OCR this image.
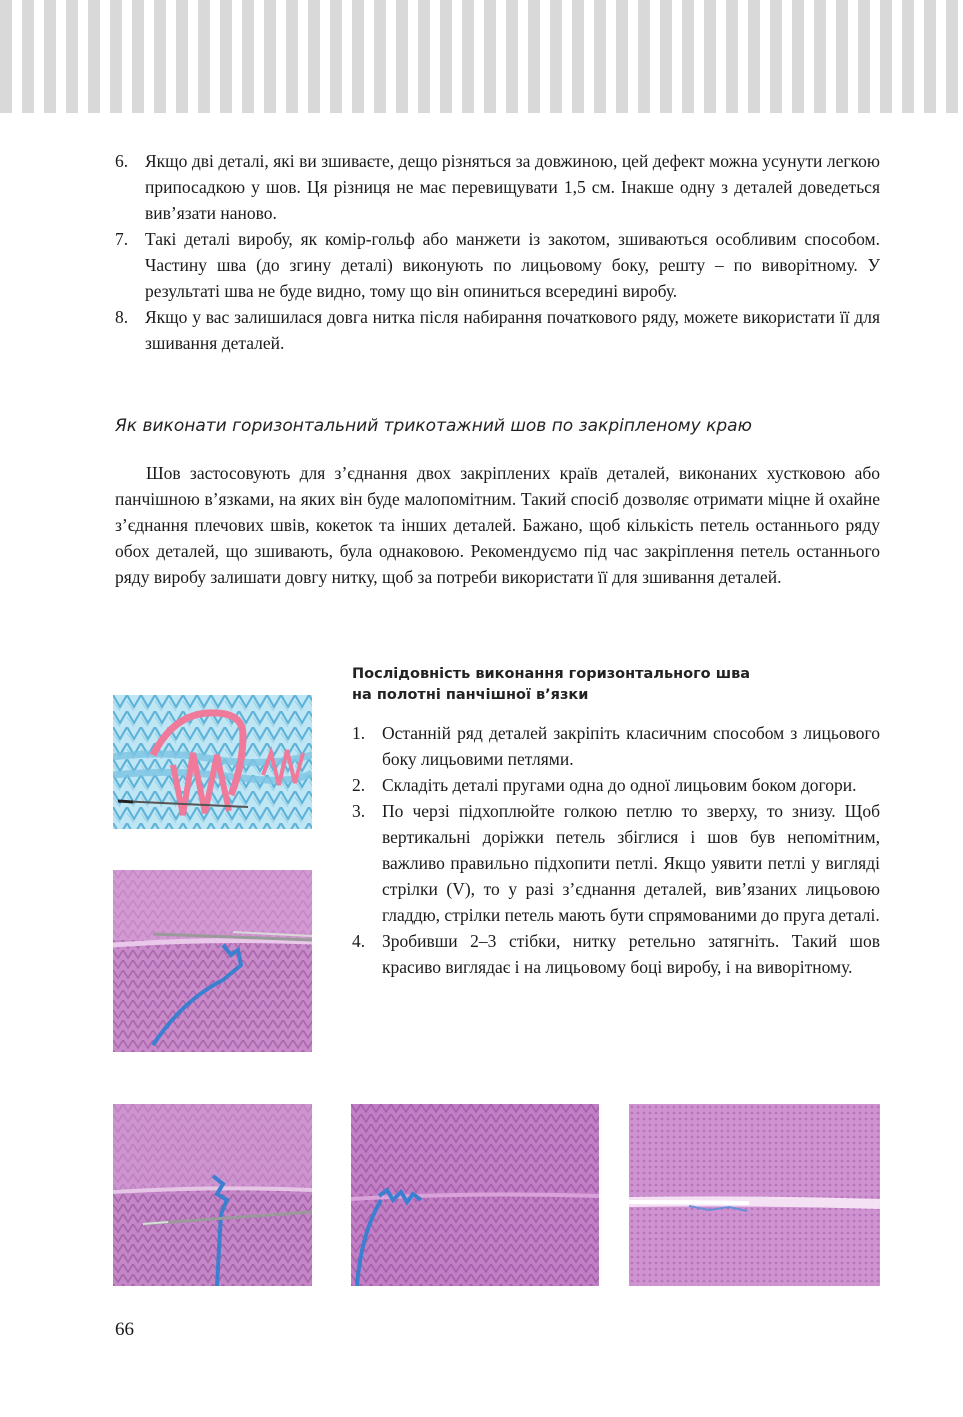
6. Якщо дві деталі, які ви зшиваєте, дещо різняться за довжиною, цей дефект можна усунути легкою припосадкою у шов. Ця різниця не має перевищувати 1,5 см. Інакше одну з деталей доведеться вив’язати наново.
7. Такі деталі виробу, як комір-гольф або манжети із закотом, зшиваються особливим способом. Частину шва (до згину деталі) виконують по лицьовому боку, решту – по виворітному. У результаті шва не буде видно, тому що він опиниться всередині виробу.
8. Якщо у вас залишилася довга нитка після набирання початкового ряду, можете використати її для зшивання деталей.
Як виконати горизонтальний трикотажний шов по закріпленому краю

Шов застосовують для з’єднання двох закріплених країв деталей, виконаних хустковою або панчішною в’язками, на яких він буде малопомітним. Такий спосіб дозволяє отримати міцне й охайне з’єднання плечових швів, кокеток та інших деталей. Бажано, щоб кількість петель останнього ряду обох деталей, що зшивають, була однаковою. Рекомендуємо під час закріплення петель останнього ряду виробу залишати довгу нитку, щоб за потреби використати її для зшивання деталей.

Послідовність виконання горизонтального шва
на полотні панчішної в’язки
1. Останній ряд деталей закріпіть класичним способом з лицьового боку лицьовими петлями.
2. Складіть деталі пругами одна до одної лицьовим боком догори.
3. По черзі підхоплюйте голкою петлю то зверху, то знизу. Щоб вертикальні доріжки петель збіглися і шов був непомітним, важливо правильно підхопити петлі. Якщо уявити петлі у вигляді стрілки (V), то у разі з’єднання деталей, вив’язаних лицьовою гладдю, стрілки петель мають бути спрямованими до пруга деталі.
4. Зробивши 2–3 стібки, нитку ретельно затягніть. Такий шов красиво виглядає і на лицьовому боці виробу, і на виворітному.
66
